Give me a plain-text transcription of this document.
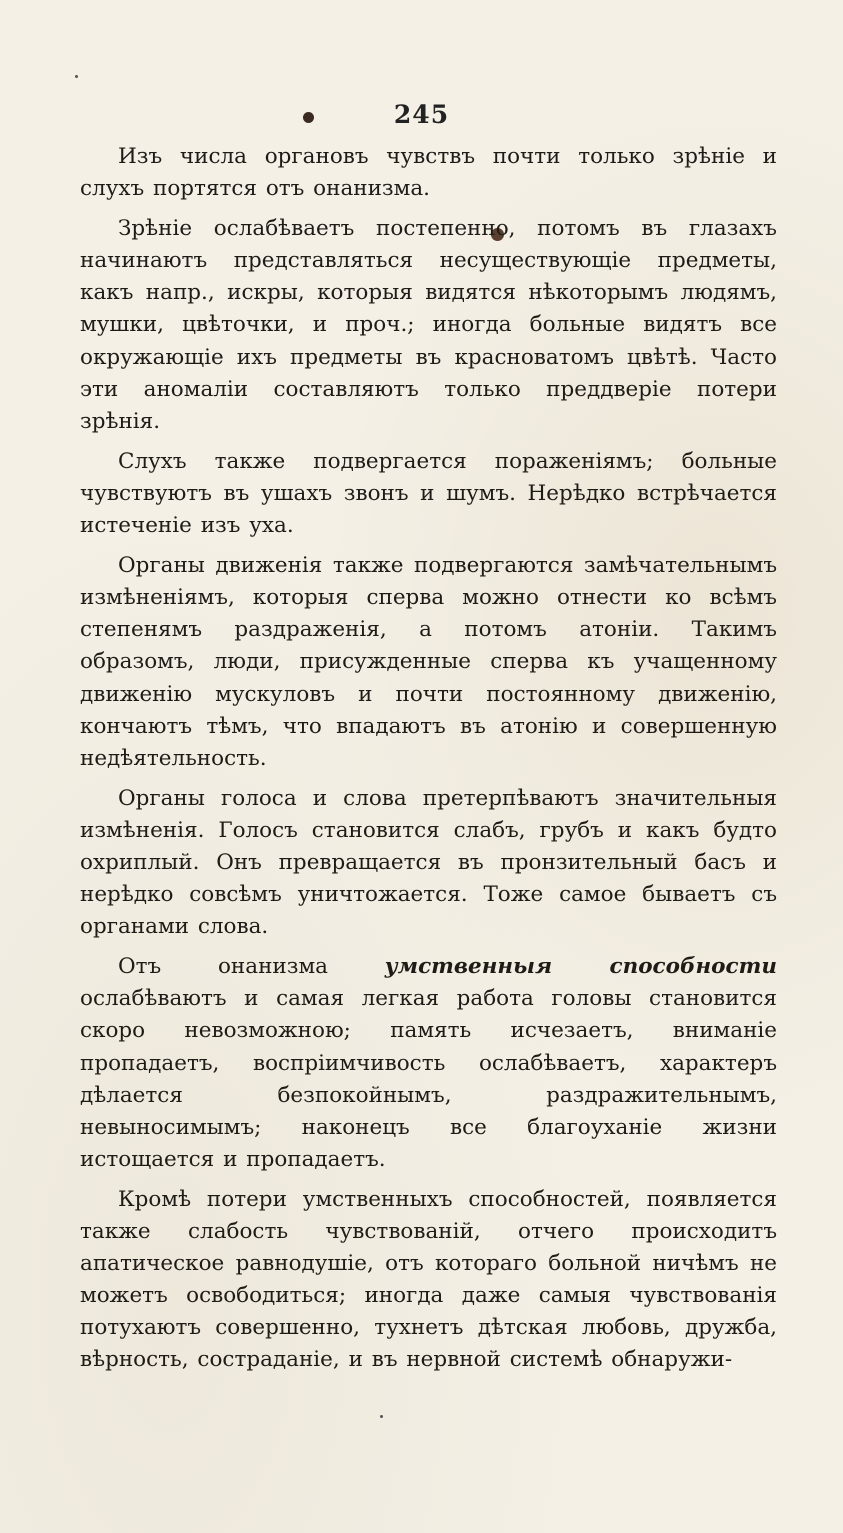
245

Изъ числа органовъ чувствъ почти только зрѣніе и слухъ портятся отъ онанизма.

Зрѣніе ослабѣваетъ постепенно, потомъ въ глазахъ начинаютъ представляться несуществующіе предметы, какъ напр., искры, которыя видятся нѣкоторымъ людямъ, мушки, цвѣточки, и проч.; иногда больные видятъ все окружающіе ихъ предметы въ красноватомъ цвѣтѣ. Часто эти аномаліи составляютъ только преддверіе потери зрѣнія.

Слухъ также подвергается пораженіямъ; больные чувствуютъ въ ушахъ звонъ и шумъ. Нерѣдко встрѣчается истеченіе изъ уха.

Органы движенія также подвергаются замѣчательнымъ измѣненіямъ, которыя сперва можно отнести ко всѣмъ степенямъ раздраженія, а потомъ атоніи. Такимъ образомъ, люди, присужденные сперва къ учащенному движенію мускуловъ и почти постоянному движенію, кончаютъ тѣмъ, что впадаютъ въ атонію и совершенную недѣятельность.

Органы голоса и слова претерпѣваютъ значительныя измѣненія. Голосъ становится слабъ, грубъ и какъ будто охриплый. Онъ превращается въ пронзительный басъ и нерѣдко совсѣмъ уничтожается. Тоже самое бываетъ съ органами слова.

Отъ онанизма умственныя способности ослабѣваютъ и самая легкая работа головы становится скоро невозможною; память исчезаетъ, вниманіе пропадаетъ, воспріимчивость ослабѣваетъ, характеръ дѣлается безпокойнымъ, раздражительнымъ, невыносимымъ; наконецъ все благоуханіе жизни истощается и пропадаетъ.

Кромѣ потери умственныхъ способностей, появляется также слабость чувствованій, отчего происходитъ апатическое равнодушіе, отъ котораго больной ничѣмъ не можетъ освободиться; иногда даже самыя чувствованія потухаютъ совершенно, тухнетъ дѣтская любовь, дружба, вѣрность, состраданіе, и въ нервной системѣ обнаружи-
